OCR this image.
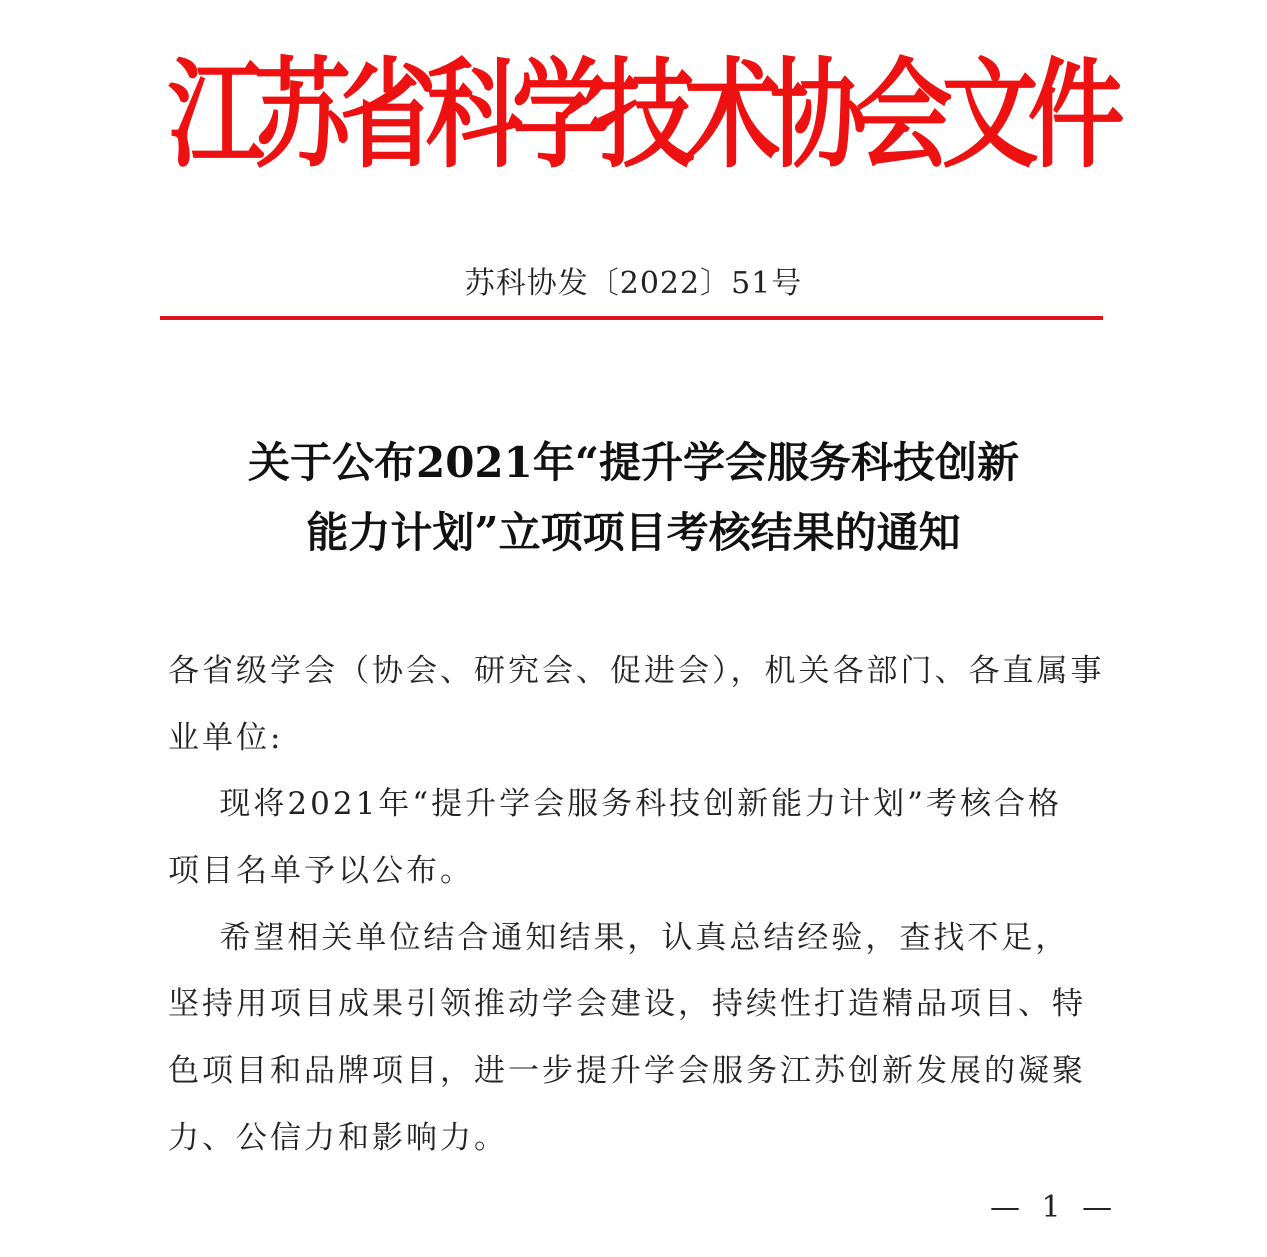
江
苏
省
科
学
技
术
协
会
文
件
苏科协发〔2022〕51号
关于公布2021年“提升学会服务科技创新
能力计划”立项项目考核结果的通知
各省级学会（协会、研究会、促进会），机关各部门、各直属事
业单位:
现将2021年“提升学会服务科技创新能力计划”考核合格
项目名单予以公布。
希望相关单位结合通知结果，认真总结经验，查找不足，
坚持用项目成果引领推动学会建设，持续性打造精品项目、特
色项目和品牌项目，进一步提升学会服务江苏创新发展的凝聚
力、公信力和影响力。
— 1 —
